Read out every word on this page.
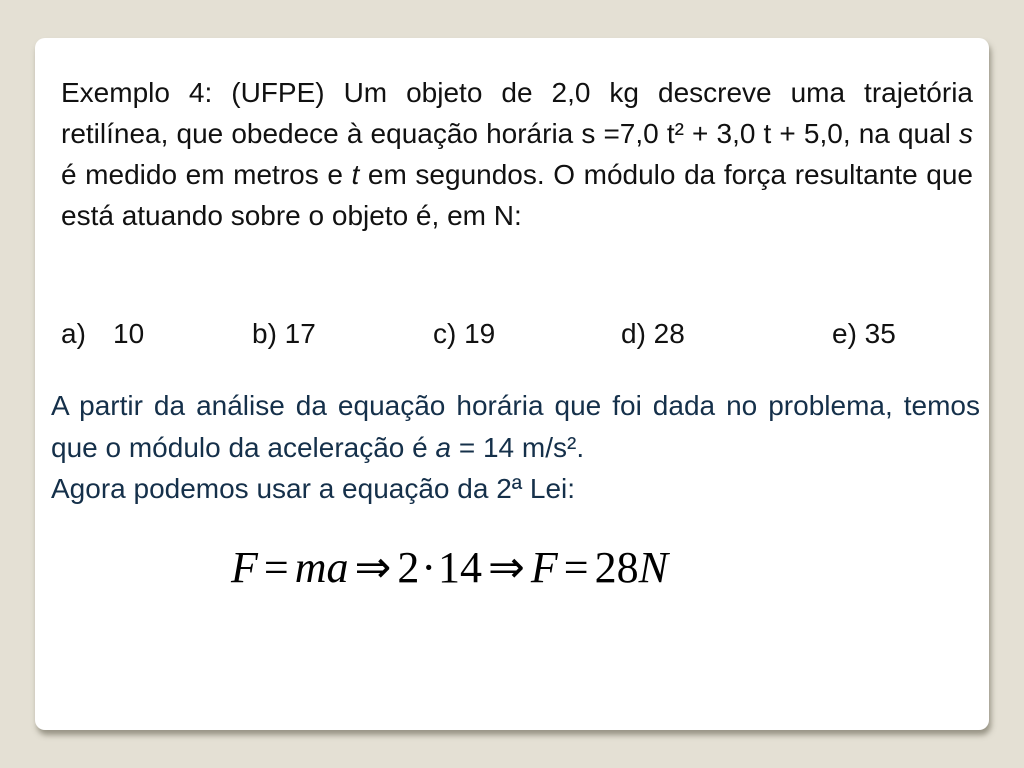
Exemplo 4: (UFPE) Um objeto de 2,0 kg descreve uma trajetória retilínea, que obedece à equação horária s =7,0 t² + 3,0 t + 5,0, na qual s é medido em metros e t em segundos. O módulo da força resultante que está atuando sobre o objeto é, em N:
a) 10	b) 17	c) 19	d) 28	e) 35
A partir da análise da equação horária que foi dada no problema, temos que o módulo da aceleração é a = 14 m/s².
Agora podemos usar a equação da 2ª Lei:
F = ma ⇒ 2·14 ⇒ F = 28N
